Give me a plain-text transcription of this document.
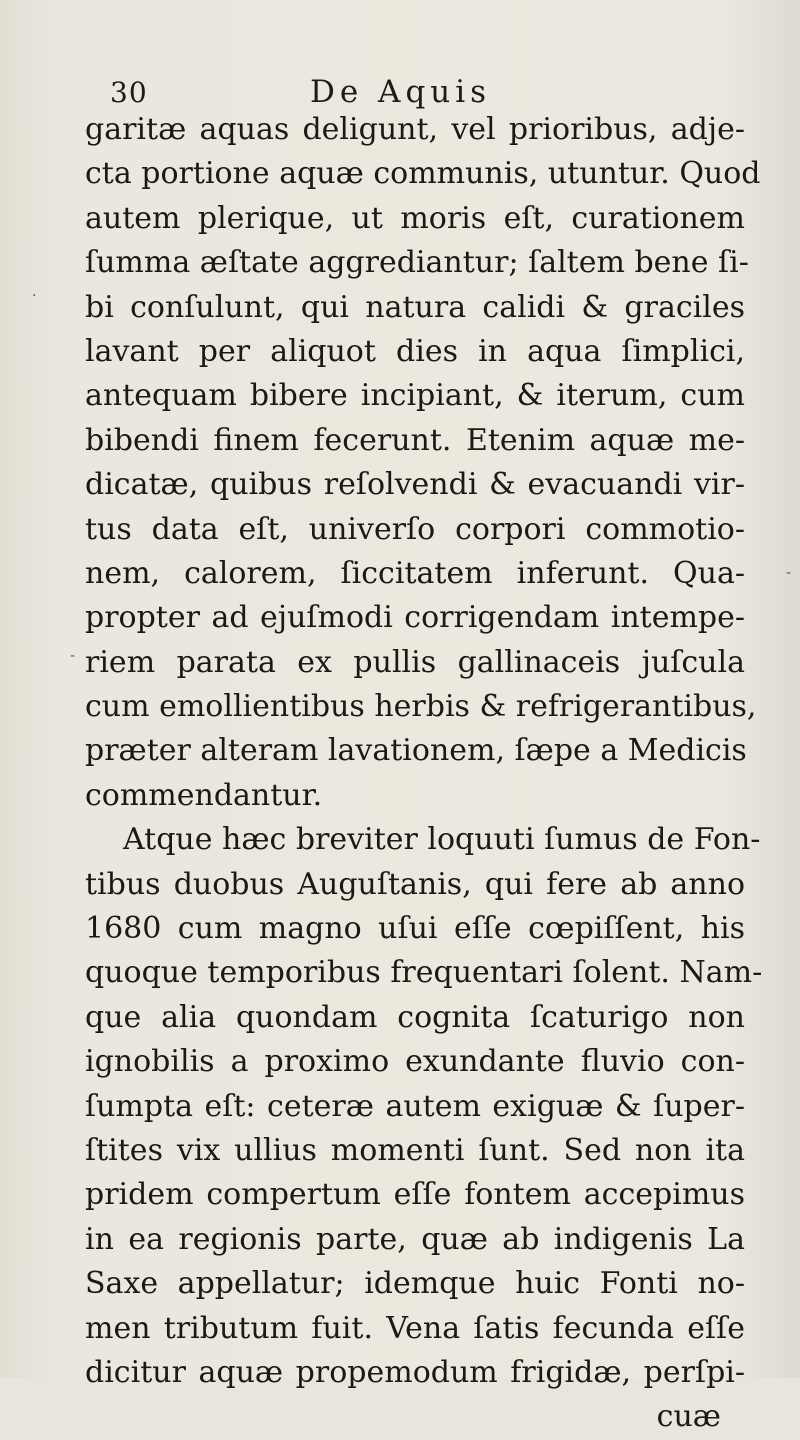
30	De Aquis
garitæ aquas deligunt, vel prioribus, adje-
cta portione aquæ communis, utuntur. Quod
autem plerique, ut moris eſt, curationem
ſumma æſtate aggrediantur; ſaltem bene ſi-
bi conſulunt, qui natura calidi & graciles
lavant per aliquot dies in aqua ſimplici,
antequam bibere incipiant, & iterum, cum
bibendi finem fecerunt. Etenim aquæ me-
dicatæ, quibus reſolvendi & evacuandi vir-
tus data eſt, univerſo corpori commotio-
nem, calorem, ſiccitatem inferunt. Qua-
propter ad ejuſmodi corrigendam intempe-
riem parata ex pullis gallinaceis juſcula
cum emollientibus herbis & refrigerantibus,
præter alteram lavationem, ſæpe a Medicis
commendantur.
Atque hæc breviter loquuti ſumus de Fon-
tibus duobus Auguſtanis, qui fere ab anno
1680 cum magno uſui eſſe cœpiſſent, his
quoque temporibus frequentari ſolent. Nam-
que alia quondam cognita ſcaturigo non
ignobilis a proximo exundante fluvio con-
ſumpta eſt: ceteræ autem exiguæ & ſuper-
ſtites vix ullius momenti ſunt. Sed non ita
pridem compertum eſſe fontem accepimus
in ea regionis parte, quæ ab indigenis La
Saxe appellatur; idemque huic Fonti no-
men tributum fuit. Vena ſatis fecunda eſſe
dicitur aquæ propemodum frigidæ, perſpi-
cuæ
·
-
-
